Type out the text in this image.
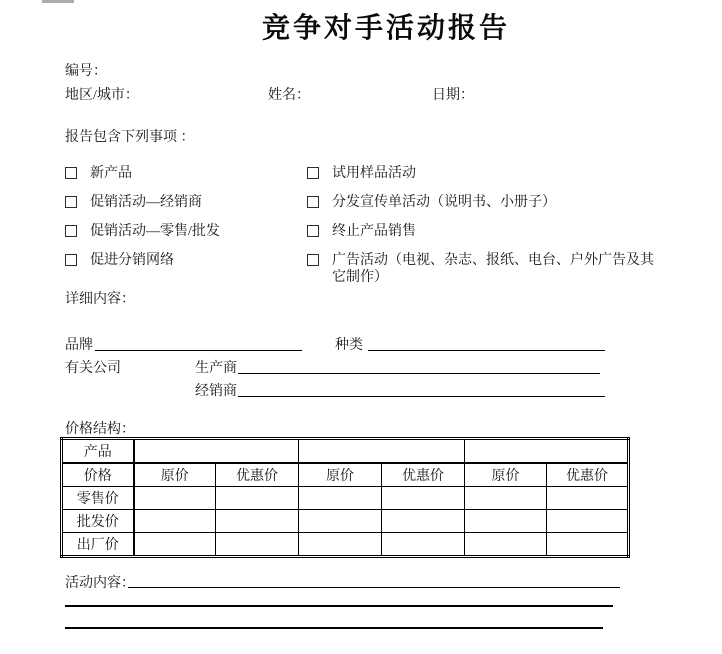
竞争对手活动报告
编号：
地区/城市：	姓名：	日期：
报告包含下列事项 ：
新产品
促销活动—经销商
促销活动—零售/批发
促进分销网络
试用样品活动
分发宣传单活动（说明书、小册子）
终止产品销售
广告活动（电视、杂志、报纸、电台、户外广告及其它制作）
详细内容：
品牌	种类
有关公司	生产商
经销商
价格结构：
产品						
价格	原价	优惠价	原价	优惠价	原价	优惠价
零售价						
批发价						
出厂价						
活动内容：
